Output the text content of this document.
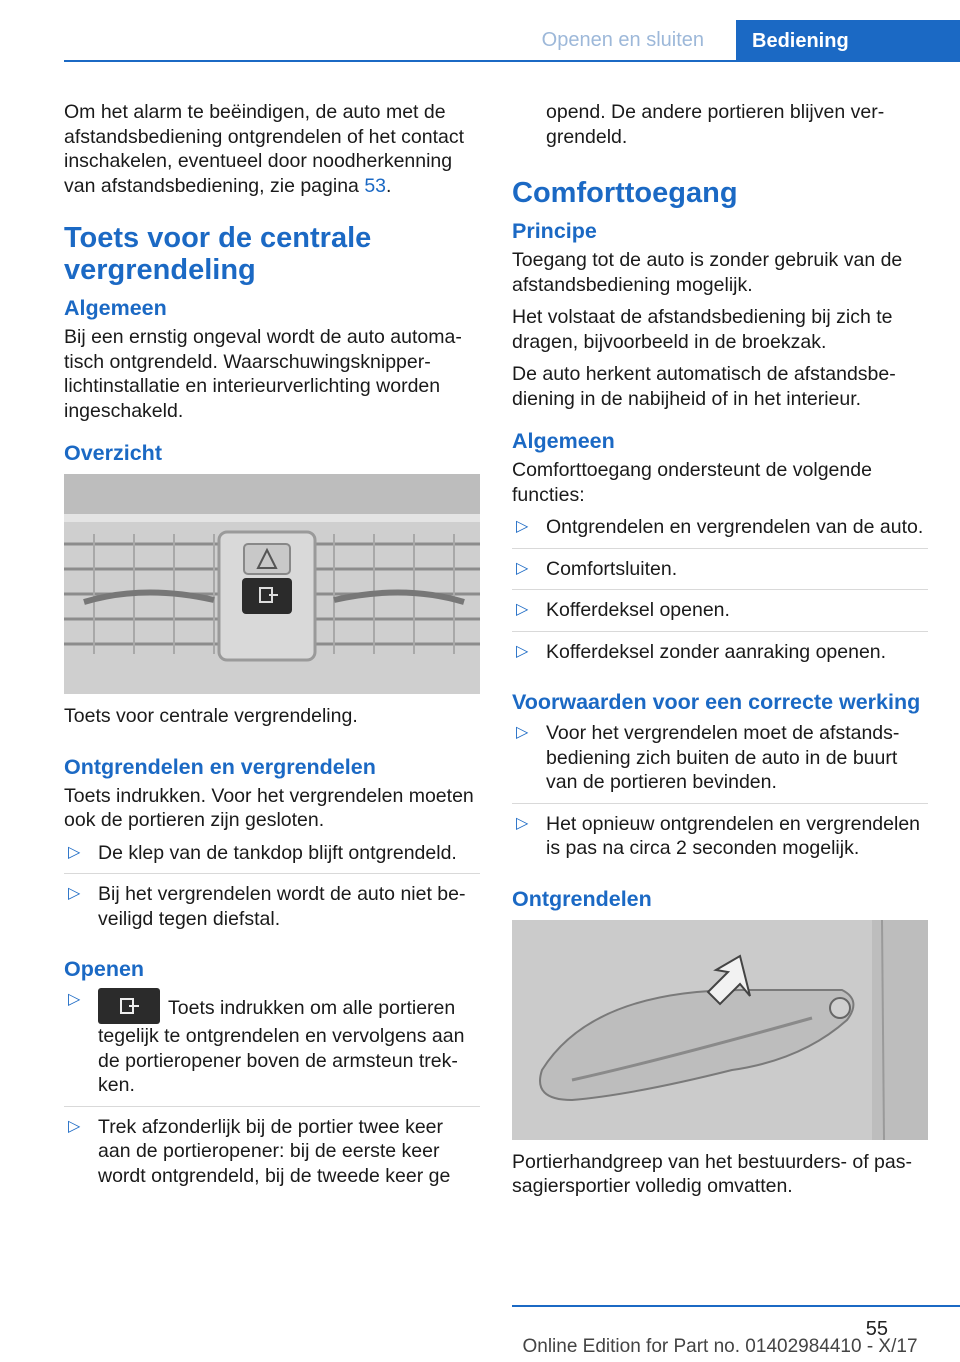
Openen en sluiten	Bediening

Om het alarm te beëindigen, de auto met de afstandsbediening ontgrendelen of het contact inschakelen, eventueel door noodherkenning van afstandsbediening, zie pagina 53.

Toets voor de centrale vergrendeling
Algemeen

Bij een ernstig ongeval wordt de auto automatisch ontgrendeld. Waarschuwingsknipperlichtinstallatie en interieurverlichting worden ingeschakeld.

Overzicht
Toets voor centrale vergrendeling.
Ontgrendelen en vergrendelen

Toets indrukken. Voor het vergrendelen moeten ook de portieren zijn gesloten.

▷ De klep van de tankdop blijft ontgrendeld.
▷ Bij het vergrendelen wordt de auto niet beveiligd tegen diefstal.
Openen
▷	Toets indrukken om alle portieren tegelijk te ontgrendelen en vervolgens aan de portieropener boven de armsteun trekken.
▷ Trek afzonderlijk bij de portier twee keer aan de portieropener: bij de eerste keer wordt ontgrendeld, bij de tweede keer ge

opend. De andere portieren blijven vergrendeld.

Comforttoegang
Principe

Toegang tot de auto is zonder gebruik van de afstandsbediening mogelijk.

Het volstaat de afstandsbediening bij zich te dragen, bijvoorbeeld in de broekzak.

De auto herkent automatisch de afstandsbediening in de nabijheid of in het interieur.

Algemeen

Comforttoegang ondersteunt de volgende functies:

▷ Ontgrendelen en vergrendelen van de auto.
▷ Comfortsluiten.
▷ Kofferdeksel openen.
▷ Kofferdeksel zonder aanraking openen.
Voorwaarden voor een correcte werking
▷ Voor het vergrendelen moet de afstandsbediening zich buiten de auto in de buurt van de portieren bevinden.
▷ Het opnieuw ontgrendelen en vergrendelen is pas na circa 2 seconden mogelijk.
Ontgrendelen
Portierhandgreep van het bestuurders- of passagiersportier volledig omvatten.
55
Online Edition for Part no. 01402984410 - X/17
